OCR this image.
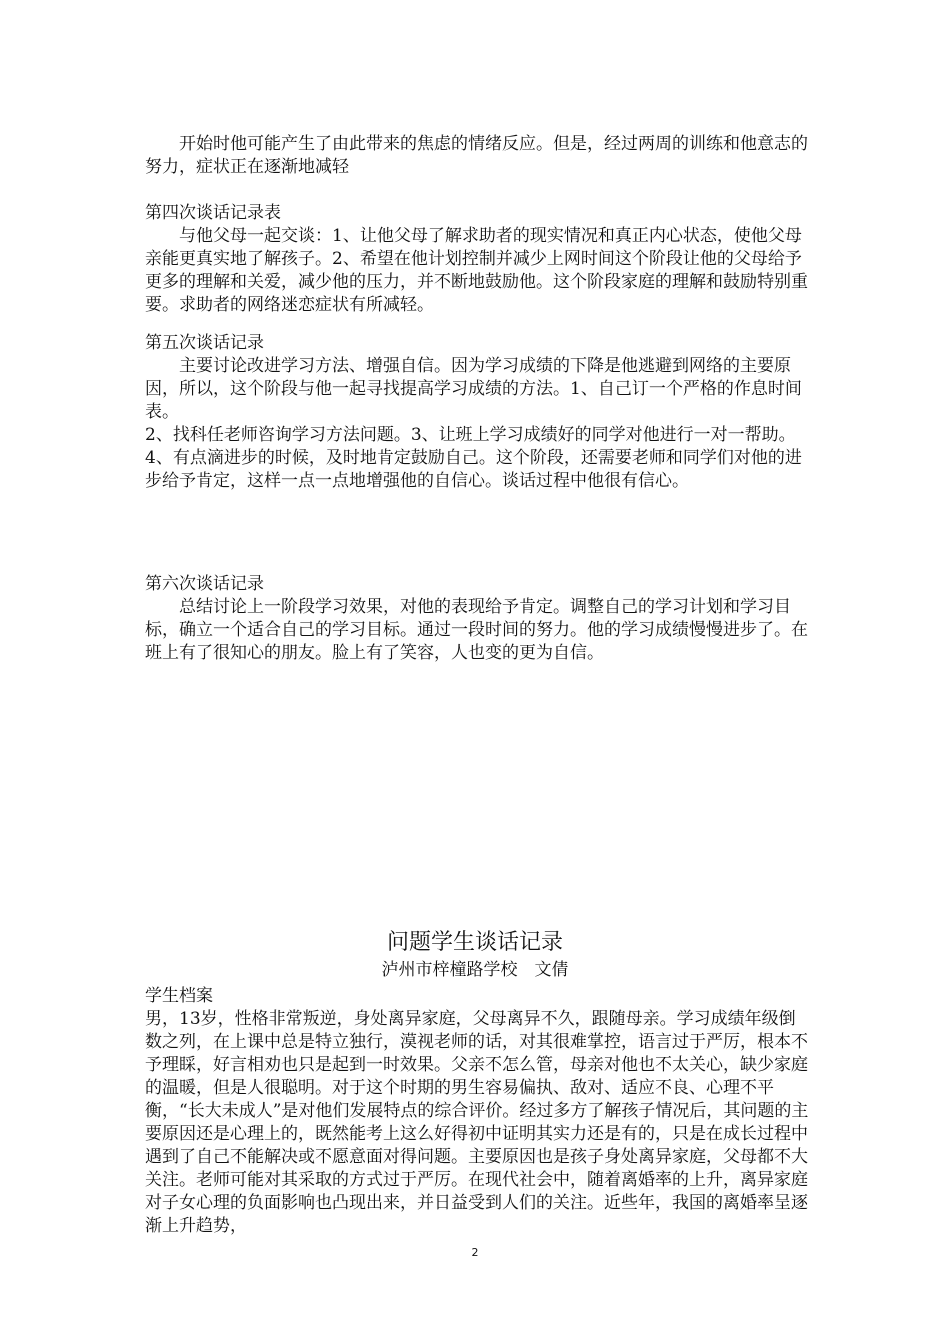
开始时他可能产生了由此带来的焦虑的情绪反应。但是，经过两周的训练和他意志的努力，症状正在逐渐地减轻

第四次谈话记录表

与他父母一起交谈：1、让他父母了解求助者的现实情况和真正内心状态，使他父母亲能更真实地了解孩子。2、希望在他计划控制并减少上网时间这个阶段让他的父母给予更多的理解和关爱，减少他的压力，并不断地鼓励他。这个阶段家庭的理解和鼓励特别重要。求助者的网络迷恋症状有所减轻。

第五次谈话记录

主要讨论改进学习方法、增强自信。因为学习成绩的下降是他逃避到网络的主要原因，所以，这个阶段与他一起寻找提高学习成绩的方法。1、自己订一个严格的作息时间表。

2、找科任老师咨询学习方法问题。3、让班上学习成绩好的同学对他进行一对一帮助。

4、有点滴进步的时候，及时地肯定鼓励自己。这个阶段，还需要老师和同学们对他的进步给予肯定，这样一点一点地增强他的自信心。谈话过程中他很有信心。

第六次谈话记录

总结讨论上一阶段学习效果，对他的表现给予肯定。调整自己的学习计划和学习目标，确立一个适合自己的学习目标。通过一段时间的努力。他的学习成绩慢慢进步了。在班上有了很知心的朋友。脸上有了笑容，人也变的更为自信。

问题学生谈话记录
泸州市梓橦路学校　文倩

学生档案

男，13岁，性格非常叛逆，身处离异家庭，父母离异不久，跟随母亲。学习成绩年级倒数之列，在上课中总是特立独行，漠视老师的话，对其很难掌控，语言过于严厉，根本不予理睬，好言相劝也只是起到一时效果。父亲不怎么管，母亲对他也不太关心，缺少家庭的温暖，但是人很聪明。对于这个时期的男生容易偏执、敌对、适应不良、心理不平衡，“长大未成人”是对他们发展特点的综合评价。经过多方了解孩子情况后，其问题的主要原因还是心理上的，既然能考上这么好得初中证明其实力还是有的，只是在成长过程中遇到了自己不能解决或不愿意面对得问题。主要原因也是孩子身处离异家庭，父母都不大关注。老师可能对其采取的方式过于严厉。在现代社会中，随着离婚率的上升，离异家庭对子女心理的负面影响也凸现出来，并日益受到人们的关注。近些年，我国的离婚率呈逐渐上升趋势，

2
